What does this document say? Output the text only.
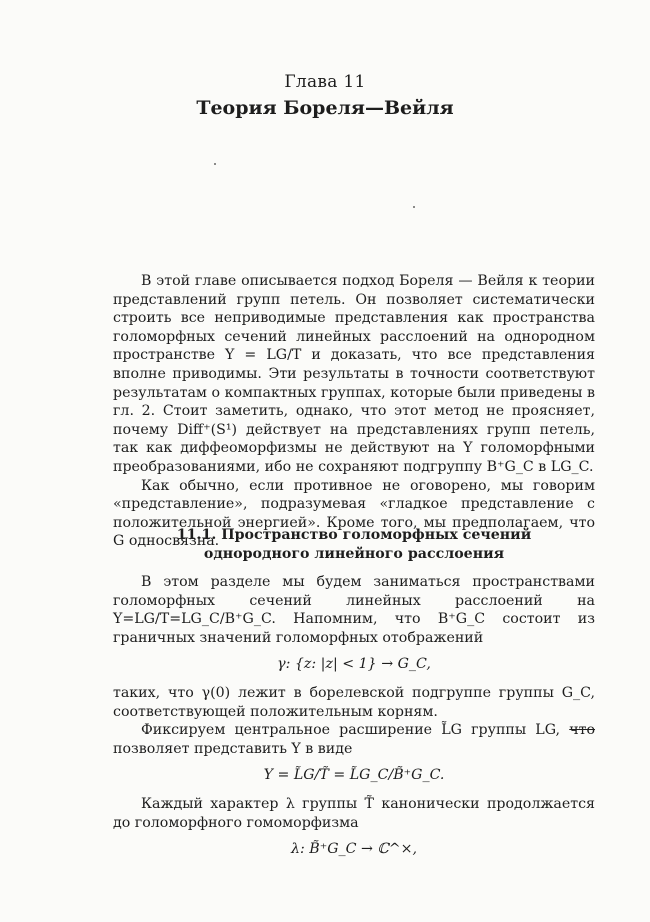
Глава 11
Теория Бореля—Вейля

В этой главе описывается подход Бореля — Вейля к теории представлений групп петель. Он позволяет систематически строить все неприводимые представления как пространства голоморфных сечений линейных расслоений на однородном пространстве Y = LG/T и доказать, что все представления вполне приводимы. Эти результаты в точности соответствуют результатам о компактных группах, которые были приведены в гл. 2. Стоит заметить, однако, что этот метод не проясняет, почему Diff⁺(S¹) действует на представлениях групп петель, так как диффеоморфизмы не действуют на Y голоморфными преобразованиями, ибо не сохраняют подгруппу B⁺G_C в LG_C.

Как обычно, если противное не оговорено, мы говорим «представление», подразумевая «гладкое представление с положительной энергией». Кроме того, мы предполагаем, что G односвязна.

11.1. Пространство голоморфных сечений
однородного линейного расслоения

В этом разделе мы будем заниматься пространствами голоморфных сечений линейных расслоений на Y=LG/T=LG_C/B⁺G_C. Напомним, что B⁺G_C состоит из граничных значений голоморфных отображений

γ: {z: |z| < 1} → G_C,

таких, что γ(0) лежит в борелевской подгруппе группы G_C, соответствующей положительным корням.

Фиксируем центральное расширение L̃G группы LG, что позволяет представить Y в виде

Y = L̃G/T̃ = L̃G_C/B̃⁺G_C.

Каждый характер λ группы T̃ канонически продолжается до голоморфного гомоморфизма

λ: B̃⁺G_C → ℂ^×,
